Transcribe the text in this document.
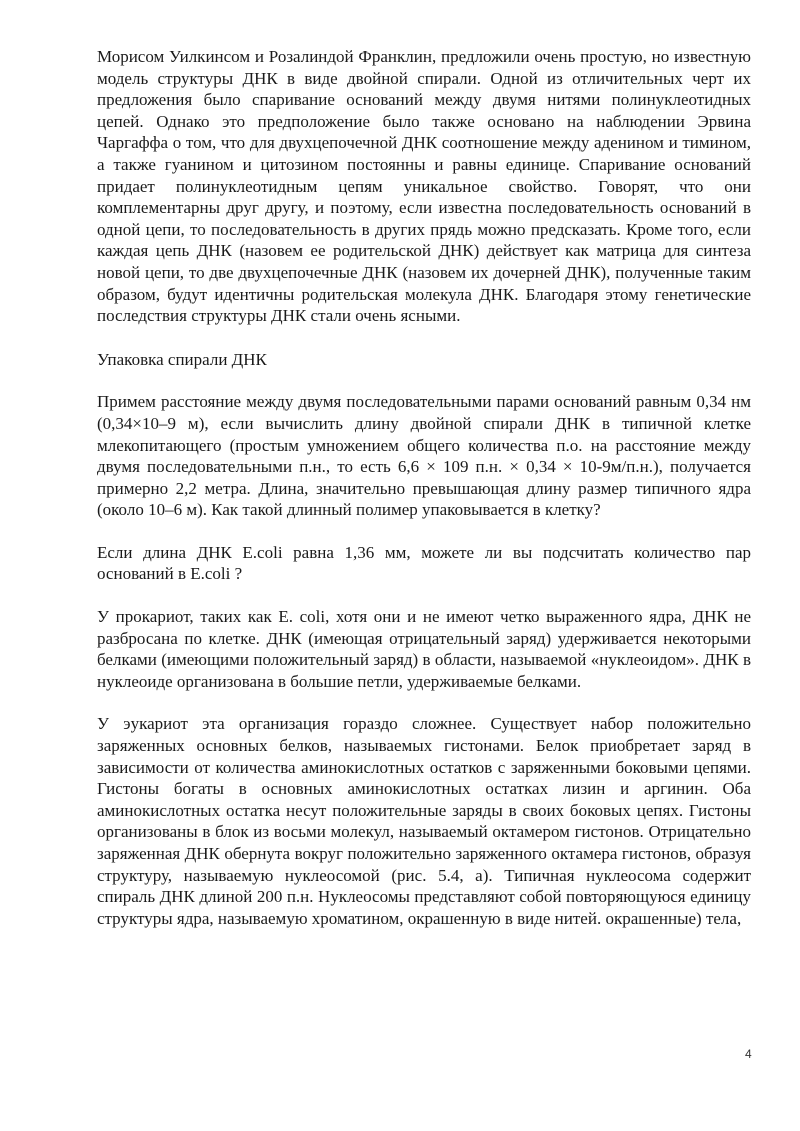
Морисом Уилкинсом и Розалиндой Франклин, предложили очень простую, но известную модель структуры ДНК в виде двойной спирали. Одной из отличительных черт их предложения было спаривание оснований между двумя нитями полинуклеотидных цепей. Однако это предположение было также основано на наблюдении Эрвина Чаргаффа о том, что для двухцепочечной ДНК соотношение между аденином и тимином, а также гуанином и цитозином постоянны и равны единице. Спаривание оснований придает полинуклеотидным цепям уникальное свойство. Говорят, что они комплементарны друг другу, и поэтому, если известна последовательность оснований в одной цепи, то последовательность в других прядь можно предсказать. Кроме того, если каждая цепь ДНК (назовем ее родительской ДНК) действует как матрица для синтеза новой цепи, то две двухцепочечные ДНК (назовем их дочерней ДНК), полученные таким образом, будут идентичны родительская молекула ДНК. Благодаря этому генетические последствия структуры ДНК стали очень ясными.

Упаковка спирали ДНК

Примем расстояние между двумя последовательными парами оснований равным 0,34 нм (0,34×10–9 м), если вычислить длину двойной спирали ДНК в типичной клетке млекопитающего (простым умножением общего количества п.о. на расстояние между двумя последовательными п.н., то есть 6,6 × 109 п.н. × 0,34 × 10-9м/п.н.), получается примерно 2,2 метра. Длина, значительно превышающая длину размер типичного ядра (около 10–6 м). Как такой длинный полимер упаковывается в клетку?

Если длина ДНК E.coli равна 1,36 мм, можете ли вы подсчитать количество пар оснований в E.coli ?

У прокариот, таких как E. coli, хотя они и не имеют четко выраженного ядра, ДНК не разбросана по клетке. ДНК (имеющая отрицательный заряд) удерживается некоторыми белками (имеющими положительный заряд) в области, называемой «нуклеоидом». ДНК в нуклеоиде организована в большие петли, удерживаемые белками.

У эукариот эта организация гораздо сложнее. Существует набор положительно заряженных основных белков, называемых гистонами. Белок приобретает заряд в зависимости от количества аминокислотных остатков с заряженными боковыми цепями. Гистоны богаты в основных аминокислотных остатках лизин и аргинин. Оба аминокислотных остатка несут положительные заряды в своих боковых цепях. Гистоны организованы в блок из восьми молекул, называемый октамером гистонов. Отрицательно заряженная ДНК обернута вокруг положительно заряженного октамера гистонов, образуя структуру, называемую нуклеосомой (рис. 5.4, а). Типичная нуклеосома содержит спираль ДНК длиной 200 п.н. Нуклеосомы представляют собой повторяющуюся единицу структуры ядра, называемую хроматином, окрашенную в виде нитей. окрашенные) тела,

4
